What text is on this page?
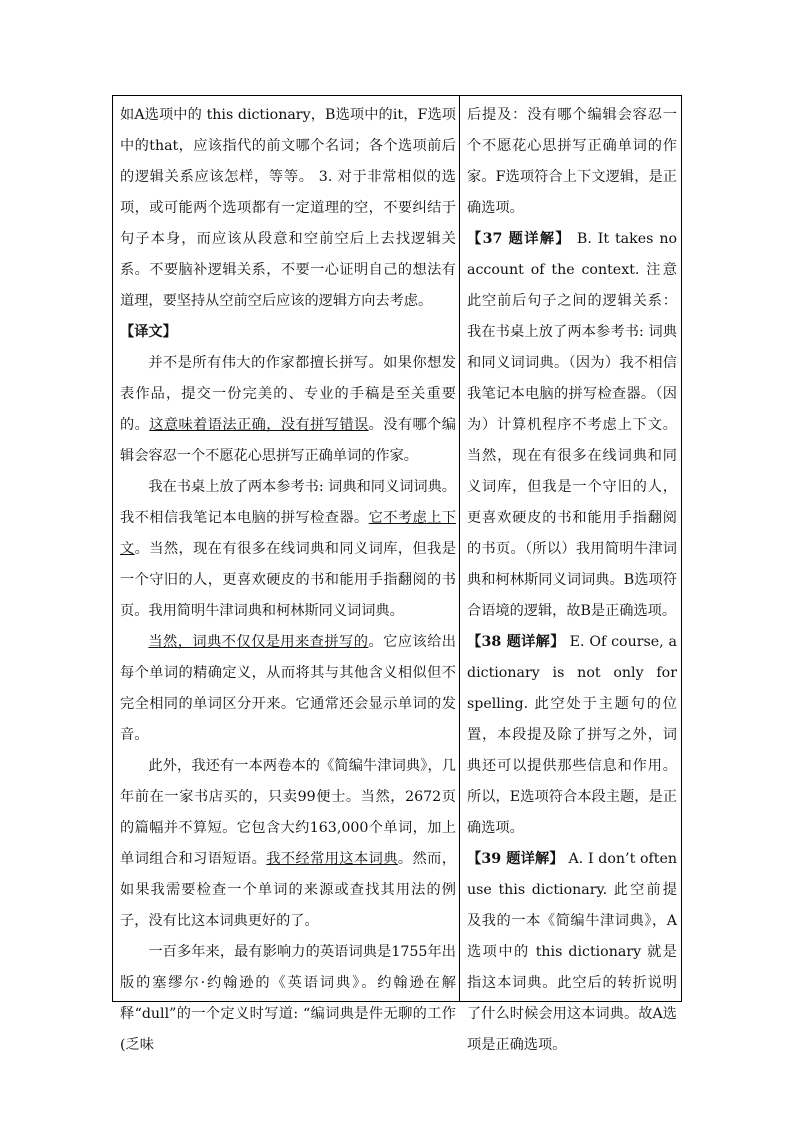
如A选项中的 this dictionary，B选项中的it，F选项中的that，应该指代的前文哪个名词；各个选项前后的逻辑关系应该怎样，等等。 3. 对于非常相似的选项，或可能两个选项都有一定道理的空，不要纠结于句子本身，而应该从段意和空前空后上去找逻辑关系。不要脑补逻辑关系，不要一心证明自己的想法有道理，要坚持从空前空后应该的逻辑方向去考虑。

【译文】

并不是所有伟大的作家都擅长拼写。如果你想发表作品，提交一份完美的、专业的手稿是至关重要的。这意味着语法正确，没有拼写错误。没有哪个编辑会容忍一个不愿花心思拼写正确单词的作家。

我在书桌上放了两本参考书: 词典和同义词词典。我不相信我笔记本电脑的拼写检查器。它不考虑上下文。当然，现在有很多在线词典和同义词库，但我是一个守旧的人，更喜欢硬皮的书和能用手指翻阅的书页。我用简明牛津词典和柯林斯同义词词典。

当然，词典不仅仅是用来查拼写的。它应该给出每个单词的精确定义，从而将其与其他含义相似但不完全相同的单词区分开来。它通常还会显示单词的发音。

此外，我还有一本两卷本的《简编牛津词典》，几年前在一家书店买的，只卖99便士。当然，2672页的篇幅并不算短。它包含大约163,000个单词，加上单词组合和习语短语。我不经常用这本词典。然而，如果我需要检查一个单词的来源或查找其用法的例子，没有比这本词典更好的了。

一百多年来，最有影响力的英语词典是1755年出版的塞缪尔·约翰逊的《英语词典》。约翰逊在解释“dull”的一个定义时写道: “编词典是件无聊的工作(乏味

后提及：没有哪个编辑会容忍一个不愿花心思拼写正确单词的作家。F选项符合上下文逻辑，是正确选项。

【37 题详解】 B. It takes no account of the context. 注意此空前后句子之间的逻辑关系：我在书桌上放了两本参考书: 词典和同义词词典。（因为）我不相信我笔记本电脑的拼写检查器。（因为）计算机程序不考虑上下文。当然，现在有很多在线词典和同义词库，但我是一个守旧的人，更喜欢硬皮的书和能用手指翻阅的书页。（所以）我用简明牛津词典和柯林斯同义词词典。B选项符合语境的逻辑，故B是正确选项。

【38 题详解】 E. Of course, a dictionary is not only for spelling. 此空处于主题句的位置，本段提及除了拼写之外，词典还可以提供那些信息和作用。所以，E选项符合本段主题，是正确选项。

【39 题详解】 A. I don’t often use this dictionary. 此空前提及我的一本《简编牛津词典》，A选项中的 this dictionary 就是指这本词典。此空后的转折说明了什么时候会用这本词典。故A选项是正确选项。
